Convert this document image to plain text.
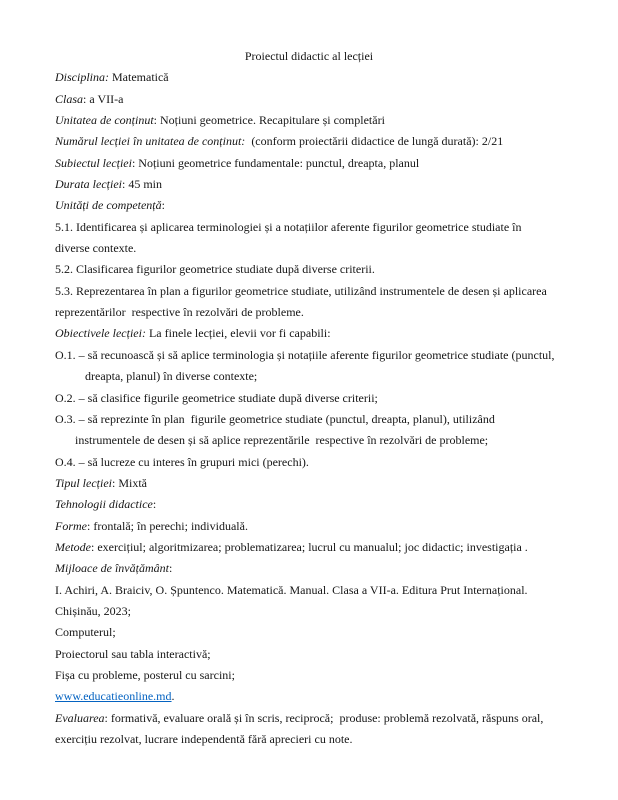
Proiectul didactic al lecției
Disciplina: Matematică
Clasa: a VII-a
Unitatea de conținut: Noțiuni geometrice. Recapitulare și completări
Numărul lecției în unitatea de conținut:  (conform proiectării didactice de lungă durată): 2/21
Subiectul lecției: Noțiuni geometrice fundamentale: punctul, dreapta, planul
Durata lecției: 45 min
Unități de competență:
5.1. Identificarea și aplicarea terminologiei și a notațiilor aferente figurilor geometrice studiate în
diverse contexte.
5.2. Clasificarea figurilor geometrice studiate după diverse criterii.
5.3. Reprezentarea în plan a figurilor geometrice studiate, utilizând instrumentele de desen și aplicarea
reprezentărilor  respective în rezolvări de probleme.
Obiectivele lecției: La finele lecției, elevii vor fi capabili:
O.1. – să recunoască și să aplice terminologia și notațiile aferente figurilor geometrice studiate (punctul,
dreapta, planul) în diverse contexte;
O.2. – să clasifice figurile geometrice studiate după diverse criterii;
O.3. – să reprezinte în plan  figurile geometrice studiate (punctul, dreapta, planul), utilizând
instrumentele de desen și să aplice reprezentările  respective în rezolvări de probleme;
O.4. – să lucreze cu interes în grupuri mici (perechi).
Tipul lecției: Mixtă
Tehnologii didactice:
Forme: frontală; în perechi; individuală.
Metode: exercițiul; algoritmizarea; problematizarea; lucrul cu manualul; joc didactic; investigația .
Mijloace de învățământ:
I. Achiri, A. Braiciv, O. Șpuntenco. Matematică. Manual. Clasa a VII-a. Editura Prut Internațional.
Chișinău, 2023;
Computerul;
Proiectorul sau tabla interactivă;
Fișa cu probleme, posterul cu sarcini;
www.educatieonline.md.
Evaluarea: formativă, evaluare orală și în scris, reciprocă;  produse: problemă rezolvată, răspuns oral,
exercițiu rezolvat, lucrare independentă fără aprecieri cu note.
